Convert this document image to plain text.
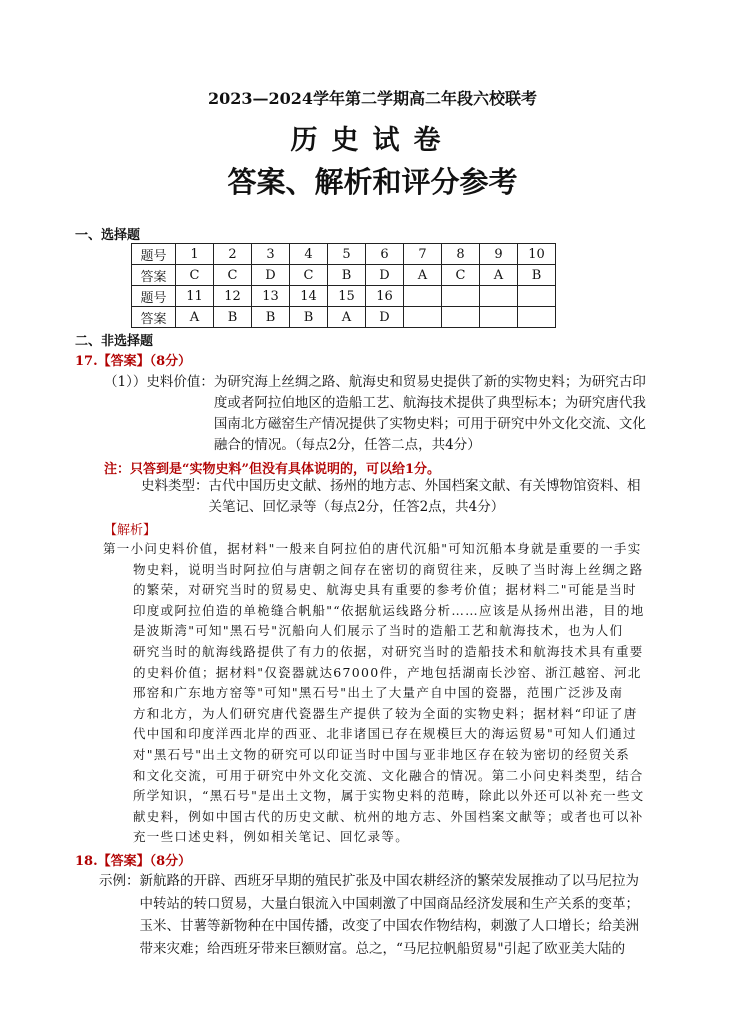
2023—2024学年第二学期高二年段六校联考
历史试卷
答案、解析和评分参考
一、选择题
题号	1	2	3	4	5	6	7	8	9	10
答案	C	C	D	C	B	D	A	C	A	B
题号	11	12	13	14	15	16				
答案	A	B	B	B	A	D				
二、非选择题
17.【答案】（8分）
（1））史料价值： 为研究海上丝绸之路、航海史和贸易史提供了新的实物史料；为研究古印
度或者阿拉伯地区的造船工艺、航海技术提供了典型标本；为研究唐代我
国南北方磁窑生产情况提供了实物史料；可用于研究中外文化交流、文化
融合的情况。（每点2分，任答二点，共4分）
注：只答到是“实物史料”但没有具体说明的，可以给1分。
史料类型： 古代中国历史文献、扬州的地方志、外国档案文献、有关博物馆资料、相
关笔记、回忆录等（每点2分，任答2点，共4分）
【解析】
第一小问史料价值，据材料"一般来自阿拉伯的唐代沉船"可知沉船本身就是重要的一手实
物史料，说明当时阿拉伯与唐朝之间存在密切的商贸往来，反映了当时海上丝绸之路
的繁荣，对研究当时的贸易史、航海史具有重要的参考价值；据材料二"可能是当时
印度或阿拉伯造的单桅缝合帆船"“依据航运线路分析……应该是从扬州出港，目的地
是波斯湾"可知"黑石号"沉船向人们展示了当时的造船工艺和航海技术，也为人们
研究当时的航海线路提供了有力的依据，对研究当时的造船技术和航海技术具有重要
的史料价值；据材料"仅瓷器就达67000件，产地包括湖南长沙窑、浙江越窑、河北
邢窑和广东地方窑等"可知"黑石号"出土了大量产自中国的瓷器，范围广泛涉及南
方和北方，为人们研究唐代瓷器生产提供了较为全面的实物史料；据材料“印证了唐
代中国和印度洋西北岸的西亚、北非诸国已存在规模巨大的海运贸易"可知人们通过
对"黑石号"出土文物的研究可以印证当时中国与亚非地区存在较为密切的经贸关系
和文化交流，可用于研究中外文化交流、文化融合的情况。第二小问史料类型，结合
所学知识，“黑石号"是出土文物，属于实物史料的范畴，除此以外还可以补充一些文
献史料，例如中国古代的历史文献、杭州的地方志、外国档案文献等；或者也可以补
充一些口述史料，例如相关笔记、回忆录等。
18.【答案】（8分）
示例： 新航路的开辟、西班牙早期的殖民扩张及中国农耕经济的繁荣发展推动了以马尼拉为
中转站的转口贸易，大量白银流入中国刺激了中国商品经济发展和生产关系的变革；
玉米、甘薯等新物种在中国传播，改变了中国农作物结构，刺激了人口增长；给美洲
带来灾难；给西班牙带来巨额财富。总之，“马尼拉帆船贸易"引起了欧亚美大陆的
